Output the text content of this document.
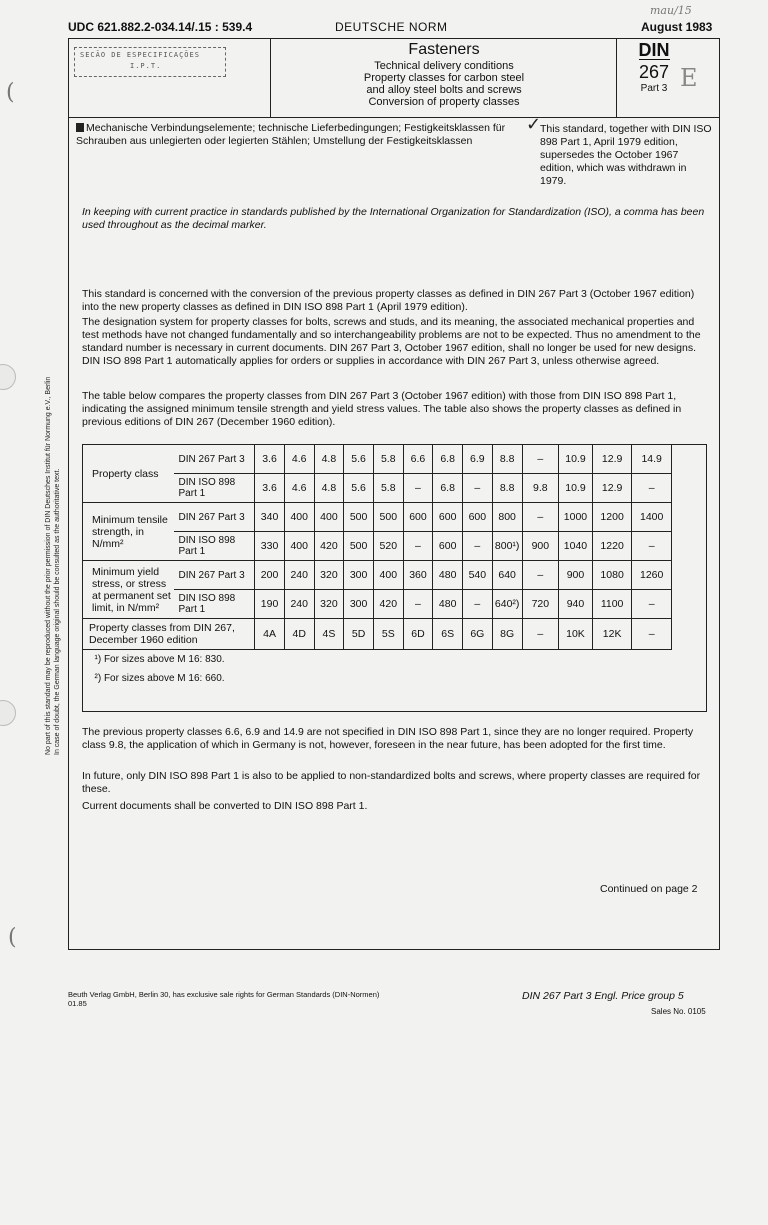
(
(
UDC 621.882.2-034.14/.15 : 539.4	DEUTSCHE NORM	August 1983
mau/15
SECÃO DE ESPECIFICAÇÕES
I.P.T.
Fasteners
Technical delivery conditions
Property classes for carbon steel
and alloy steel bolts and screws
Conversion of property classes
DIN
267
Part 3 E
Mechanische Verbindungselemente; technische Lieferbedingungen; Festigkeitsklassen für Schrauben aus unlegierten oder legierten Stählen; Umstellung der Festigkeitsklassen
✓
This standard, together with DIN ISO 898 Part 1, April 1979 edition, supersedes the October 1967 edition, which was withdrawn in 1979.
In keeping with current practice in standards published by the International Organization for Standardization (ISO), a comma has been used throughout as the decimal marker.

This standard is concerned with the conversion of the previous property classes as defined in DIN 267 Part 3 (October 1967 edition) into the new property classes as defined in DIN ISO 898 Part 1 (April 1979 edition).

The designation system for property classes for bolts, screws and studs, and its meaning, the associated mechanical properties and test methods have not changed fundamentally and so interchangeability problems are not to be expected. Thus no amendment to the standard number is necessary in current documents. DIN 267 Part 3, October 1967 edition, shall no longer be used for new designs. DIN ISO 898 Part 1 automatically applies for orders or supplies in accordance with DIN 267 Part 3, unless otherwise agreed.

The table below compares the property classes from DIN 267 Part 3 (October 1967 edition) with those from DIN ISO 898 Part 1, indicating the assigned minimum tensile strength and yield stress values. The table also shows the property classes as defined in previous editions of DIN 267 (December 1960 edition).

Property class	DIN 267 Part 3	3.6	4.6	4.8	5.6	5.8	6.6	6.8	6.9	8.8	–	10.9	12.9	14.9
	DIN ISO 898 Part 1	3.6	4.6	4.8	5.6	5.8	–	6.8	–	8.8	9.8	10.9	12.9	–
Minimum tensile strength, in N/mm²	DIN 267 Part 3	340	400	400	500	500	600	600	600	800	–	1000	1200	1400
	DIN ISO 898 Part 1	330	400	420	500	520	–	600	–	800¹)	900	1040	1220	–
Minimum yield stress, or stress at permanent set limit, in N/mm²	DIN 267 Part 3	200	240	320	300	400	360	480	540	640	–	900	1080	1260
	DIN ISO 898 Part 1	190	240	320	300	420	–	480	–	640²)	720	940	1100	–
Property classes from DIN 267, December 1960 edition		4A	4D	4S	5D	5S	6D	6S	6G	8G	–	10K	12K	–
¹) For sizes above M 16: 830.														
²) For sizes above M 16: 660.														

The previous property classes 6.6, 6.9 and 14.9 are not specified in DIN ISO 898 Part 1, since they are no longer required. Property class 9.8, the application of which in Germany is not, however, foreseen in the near future, has been adopted for the first time.

In future, only DIN ISO 898 Part 1 is also to be applied to non-standardized bolts and screws, where property classes are required for these.

Current documents shall be converted to DIN ISO 898 Part 1.

Continued on page 2
No part of this standard may be reproduced without the prior permission of DIN Deutsches Institut für Normung e.V., Berlin In case of doubt, the German language original should be consulted as the authoritative text.
Beuth Verlag GmbH, Berlin 30, has exclusive sale rights for German Standards (DIN-Normen)
01.85
DIN 267 Part 3 Engl. Price group 5
Sales No. 0105
